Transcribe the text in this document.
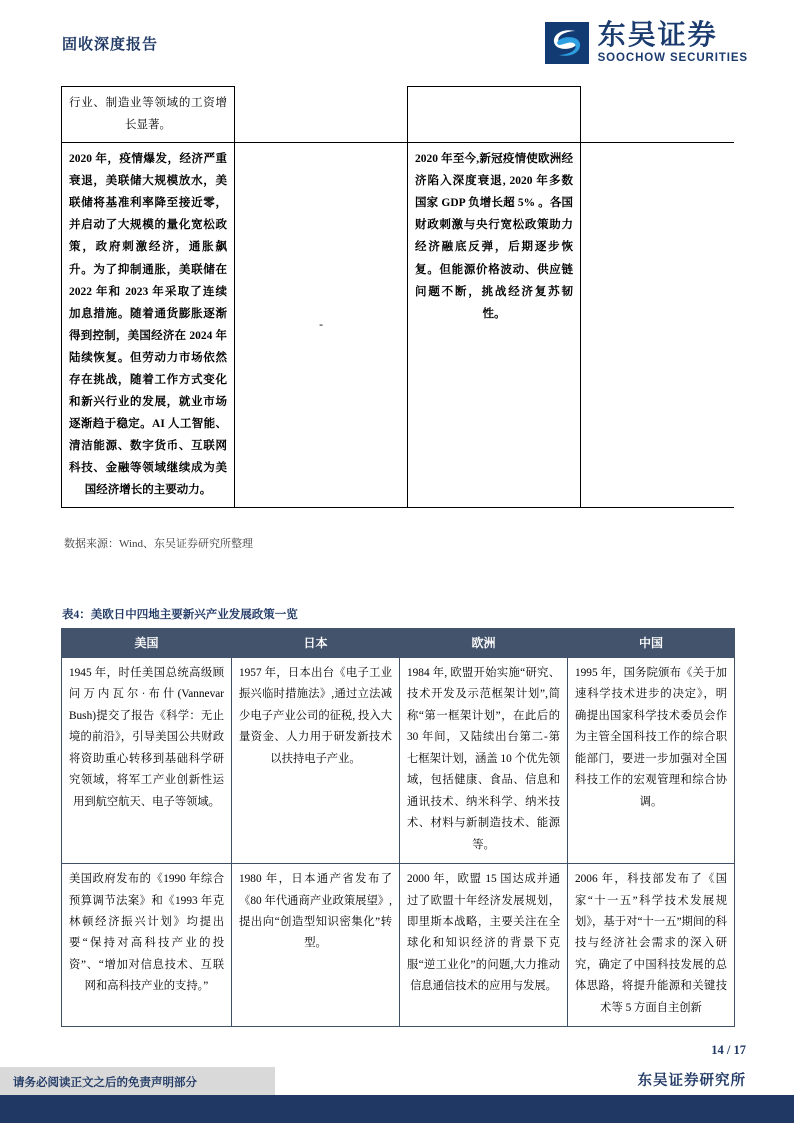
固收深度报告	东吴证券
SOOCHOW SECURITIES
行业、制造业等领域的工资增长显著。			
2020 年，疫情爆发，经济严重衰退，美联储大规模放水，美联储将基准利率降至接近零，并启动了大规模的量化宽松政策，政府刺激经济，通胀飙升。为了抑制通胀，美联储在 2022 年和 2023 年采取了连续加息措施。随着通货膨胀逐渐得到控制，美国经济在 2024 年陆续恢复。但劳动力市场依然存在挑战，随着工作方式变化和新兴行业的发展，就业市场逐渐趋于稳定。AI 人工智能、清洁能源、数字货币、互联网科技、金融等领域继续成为美国经济增长的主要动力。	-	2020 年至今,新冠疫情使欧洲经济陷入深度衰退, 2020 年多数国家 GDP 负增长超 5% 。各国财政刺激与央行宽松政策助力经济融底反弹，后期逐步恢复。但能源价格波动、供应链问题不断，挑战经济复苏韧性。	
数据来源：Wind、东吴证券研究所整理
表4：美欧日中四地主要新兴产业发展政策一览
美国	日本	欧洲	中国
1945 年，时任美国总统高级顾问万内瓦尔·布什(Vannevar Bush)提交了报告《科学：无止境的前沿》，引导美国公共财政将资助重心转移到基础科学研究领域，将军工产业创新性运用到航空航天、电子等领域。	1957 年，日本出台《电子工业振兴临时措施法》,通过立法减少电子产业公司的征税, 投入大量资金、人力用于研发新技术以扶持电子产业。	1984 年, 欧盟开始实施“研究、技术开发及示范框架计划”,简称“第一框架计划”，在此后的 30 年间，又陆续出台第二-第七框架计划，涵盖 10 个优先领域，包括健康、食品、信息和通讯技术、纳米科学、纳米技术、材料与新制造技术、能源等。	1995 年，国务院颁布《关于加速科学技术进步的决定》，明确提出国家科学技术委员会作为主管全国科技工作的综合职能部门，要进一步加强对全国科技工作的宏观管理和综合协调。
美国政府发布的《1990 年综合预算调节法案》和《1993 年克林顿经济振兴计划》均提出要“保持对高科技产业的投资”、“增加对信息技术、互联网和高科技产业的支持。”	1980 年，日本通产省发布了《80 年代通商产业政策展望》, 提出向“创造型知识密集化”转型。	2000 年，欧盟 15 国达成并通过了欧盟十年经济发展规划，即里斯本战略，主要关注在全球化和知识经济的背景下克服“逆工业化”的问题,大力推动信息通信技术的应用与发展。	2006 年，科技部发布了《国家“十一五”科学技术发展规划》，基于对“十一五”期间的科技与经济社会需求的深入研究，确定了中国科技发展的总体思路，将提升能源和关键技术等 5 方面自主创新
14 / 17
东吴证券研究所
请务必阅读正文之后的免责声明部分
